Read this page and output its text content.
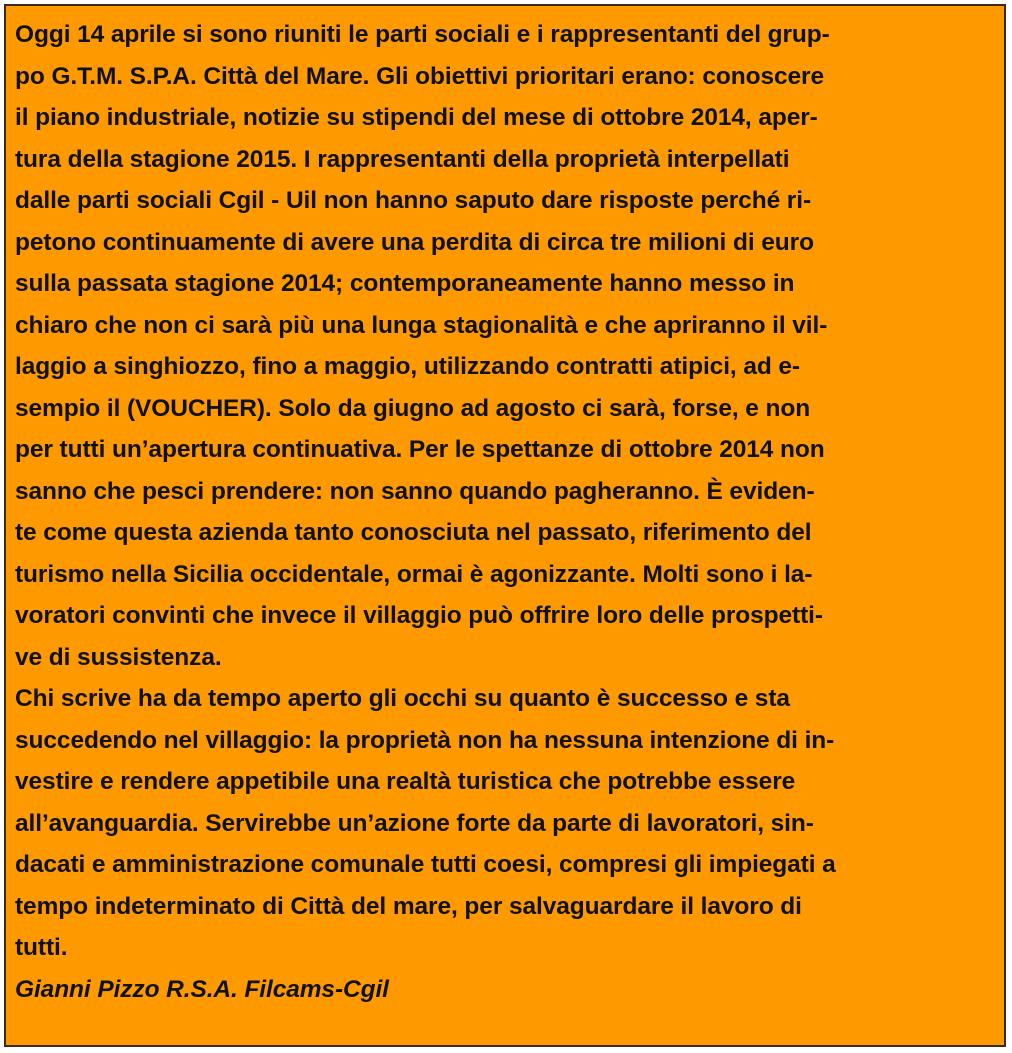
Oggi 14 aprile si sono riuniti le parti sociali e i rappresentanti del grup-
po G.T.M. S.P.A. Città del Mare. Gli obiettivi prioritari erano: conoscere
il piano industriale, notizie su stipendi del mese di ottobre 2014, aper-
tura della stagione 2015. I rappresentanti della proprietà interpellati
dalle parti sociali Cgil - Uil non hanno saputo dare risposte perché ri-
petono continuamente di avere una perdita di circa tre milioni di euro
sulla passata stagione 2014; contemporaneamente hanno messo in
chiaro che non ci sarà più una lunga stagionalità e che apriranno il vil-
laggio a singhiozzo, fino a maggio, utilizzando contratti atipici, ad e-
sempio il (VOUCHER). Solo da giugno ad agosto ci sarà, forse, e non
per tutti un’apertura continuativa. Per le spettanze di ottobre 2014 non
sanno che pesci prendere: non sanno quando pagheranno. È eviden-
te come questa azienda tanto conosciuta nel passato, riferimento del
turismo nella Sicilia occidentale, ormai è agonizzante. Molti sono i la-
voratori convinti che invece il villaggio può offrire loro delle prospetti-
ve di sussistenza.
Chi scrive ha da tempo aperto gli occhi su quanto è successo e sta
succedendo nel villaggio: la proprietà non ha nessuna intenzione di in-
vestire e rendere appetibile una realtà turistica che potrebbe essere
all’avanguardia. Servirebbe un’azione forte da parte di lavoratori, sin-
dacati e amministrazione comunale tutti coesi, compresi gli impiegati a
tempo indeterminato di Città del mare, per salvaguardare il lavoro di
tutti.
Gianni Pizzo R.S.A. Filcams-Cgil
